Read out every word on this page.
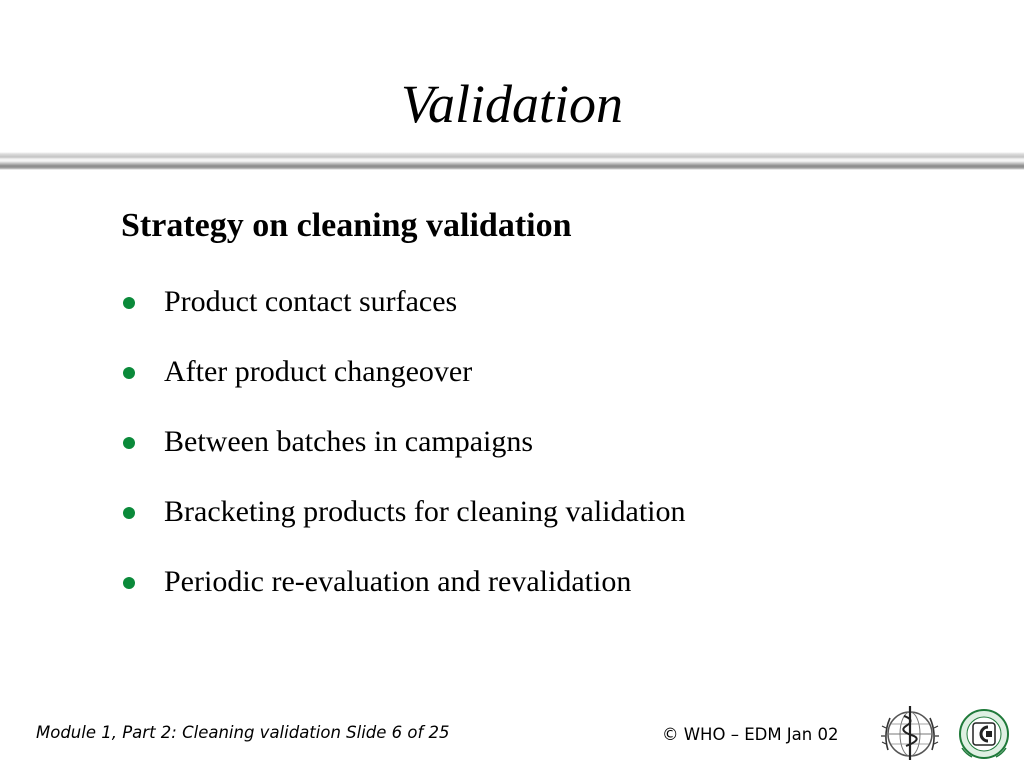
Validation
Strategy on cleaning validation
Product contact surfaces
After product changeover
Between batches in campaigns
Bracketing products for cleaning validation
Periodic re-evaluation and revalidation
Module 1, Part 2: Cleaning validation Slide 6 of 25	© WHO – EDM Jan 02
